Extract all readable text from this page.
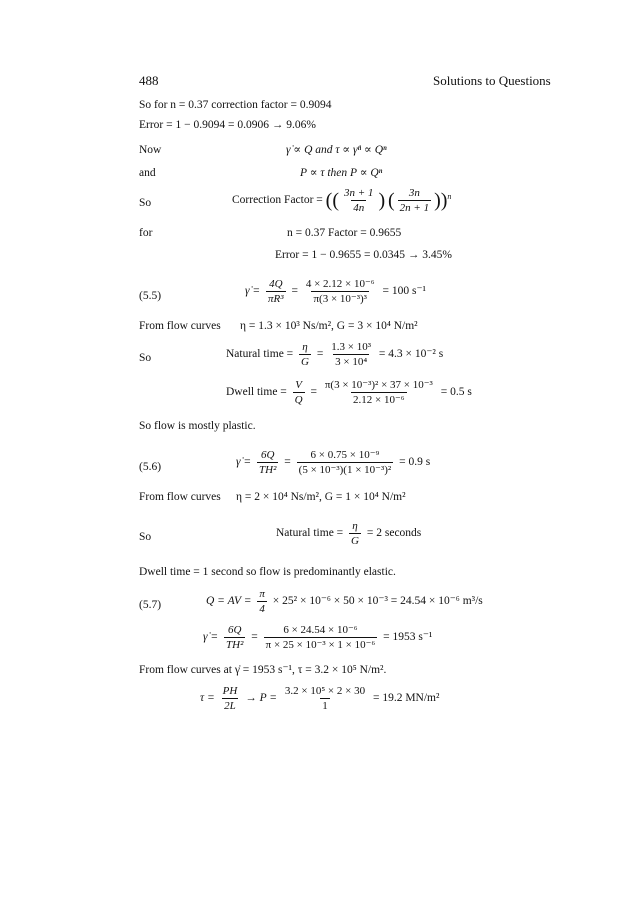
488	Solutions to Questions
So for n = 0.37 correction factor = 0.9094
Error = 1 − 0.9094 = 0.0906 → 9.06%
Now	γ̇ ∝ Q and τ ∝ γ̇ⁿ ∝ Qⁿ
and	P ∝ τ then P ∝ Qⁿ
So	Correction Factor = (( $\frac{3n + 1}{4n}$ ) ( $\frac{3n}{2n + 1} ))^n$
for	n = 0.37 Factor = 0.9655
Error = 1 − 0.9655 = 0.0345 → 3.45%
(5.5)	γ̇ = $\frac{4Q}{\text{πR³}} = \frac{\text{4 × 2.12 × 10⁻⁶}}{\text{π(3 × 10⁻³)³}} = 100$ s⁻¹
From flow curves η = 1.3 × 10³ Ns/m², G = 3 × 10⁴ N/m²
So	Natural time = $\frac{\eta}{G} = \frac{\text{1.3 × 10³}}{\text{3 × 10⁴}} = 4.3 \times 10^{-2}$ s
Dwell time = $\frac{V}{Q} = \frac{\text{π(3 × 10⁻³)² × 37 × 10⁻³}}{\text{2.12 × 10⁻⁶}} = 0.5$ s
So flow is mostly plastic.
(5.6)	γ̇ = $\frac{6Q}{\text{TH²}} = \frac{\text{6 × 0.75 × 10⁻⁹}}{\text{(5 × 10⁻³)(1 × 10⁻³)²}} = 0.9$ s
From flow curves η = 2 × 10⁴ Ns/m², G = 1 × 10⁴ N/m²
So	Natural time = $\frac{\eta}{G} = 2$ seconds
Dwell time = 1 second so flow is predominantly elastic.
(5.7)	Q = AV = $\frac{\pi}{4} \times 25^2 \times 10^{-6} \times 50 \times 10^{-3} = 24.54 \times 10^{-6}$ m³/s
γ̇ = $\frac{6Q}{\text{TH²}} = \frac{\text{6 × 24.54 × 10⁻⁶}}{\text{π × 25 × 10⁻³ × 1 × 10⁻⁶}} = 1953$ s⁻¹
From flow curves at γ̇ = 1953 s⁻¹, τ = 3.2 × 10⁵ N/m².
$\tau = \frac{PH}{2L} \to P = \frac{\text{3.2 × 10⁵ × 2 × 30}}{1} = 19.2$ MN/m²
